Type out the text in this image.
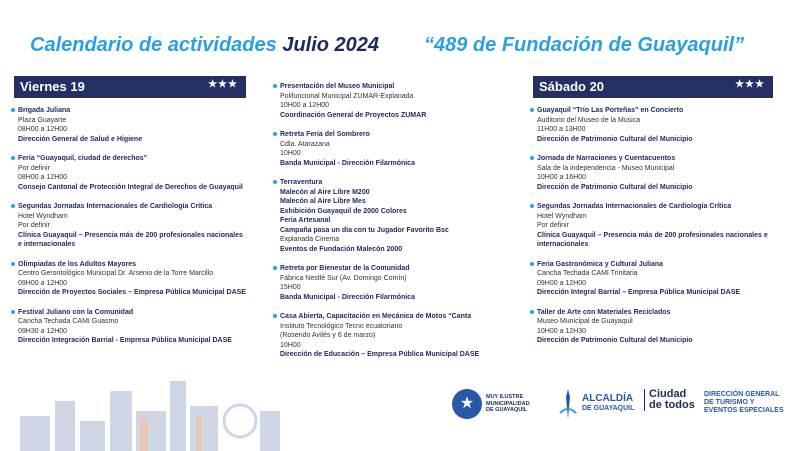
Calendario de actividades Julio 2024 “489 de Fundación de Guayaquil”
Viernes 19	★★★
Brigada Juliana
Plaza Guayarte
08H00 a 12H00
Dirección General de Salud e Higiene
Feria “Guayaquil, ciudad de derechos”
Por definir
08H00 a 12H00
Consejo Cantonal de Protección Integral de Derechos de Guayaquil
Segundas Jornadas Internacionales de Cardiología Crítica
Hotel Wyndham
Por definir
Clínica Guayaquil – Presencia más de 200 profesionales nacionales e internacionales
Olimpiadas de los Adultos Mayores
Centro Gerontológico Municipal Dr. Arsenio de la Torre Marcillo
09H00 a 12H00
Dirección de Proyectos Sociales – Empresa Pública Municipal DASE
Festival Juliano con la Comunidad
Cancha Techada CAMI Guasmo
09H30 a 12H00
Dirección Integración Barrial - Empresa Pública Municipal DASE
Presentación del Museo Municipal
Polifuncional Municipal ZUMAR-Explanada
10H00 a 12H00
Coordinación General de Proyectos ZUMAR
Retreta Feria del Sombrero
Cdla. Atarazana
10H00
Banda Municipal - Dirección Filarmónica
Terraventura
Malecón al Aire Libre M200
Malecón al Aire Libre Mes
Exhibición Guayaquil de 2000 Colores
Feria Artesanal
Campaña pasa un día con tu Jugador Favorito Bsc
Explanada Cinema
Eventos de Fundación Malecón 2000
Retreta por Bienestar de la Comunidad
Fábrica Nestlé Sur (Av. Domingo Comín)
15H00
Banda Municipal - Dirección Filarmónica
Casa Abierta, Capacitación en Mecánica de Motos “Canta
Instituto Tecnológico Tecno ecuatoriano
(Rosendo Avilés y 6 de marzo)
10H00
Dirección de Educación – Empresa Pública Municipal DASE
Sábado 20	★★★
Guayaquil “Trío Las Porteñas” en Concierto
Auditorio del Museo de la Música
11H00 a 13H00
Dirección de Patrimonio Cultural del Municipio
Jornada de Narraciones y Cuentacuentos
Sala de la independencia - Museo Municipal
10H00 a 16H00
Dirección de Patrimonio Cultural del Municipio
Segundas Jornadas Internacionales de Cardiología Crítica
Hotel Wyndham
Por definir
Clínica Guayaquil – Presencia más de 200 profesionales nacionales e internacionales
Feria Gastronómica y Cultural Juliana
Cancha Techada CAMI Trinitaria
09H00 a 12H00
Dirección Integral Barrial – Empresa Pública Municipal DASE
Taller de Arte con Materiales Reciclados
Museo Municipal de Guayaquil
10H00 a 12H30
Dirección de Patrimonio Cultural del Municipio
★	MUY ILUSTRE
MUNICIPALIDAD
DE GUAYAQUIL
ALCALDÍA
DE GUAYAQUIL
Ciudad
de todos
DIRECCIÓN GENERAL
DE TURISMO Y
EVENTOS ESPECIALES
